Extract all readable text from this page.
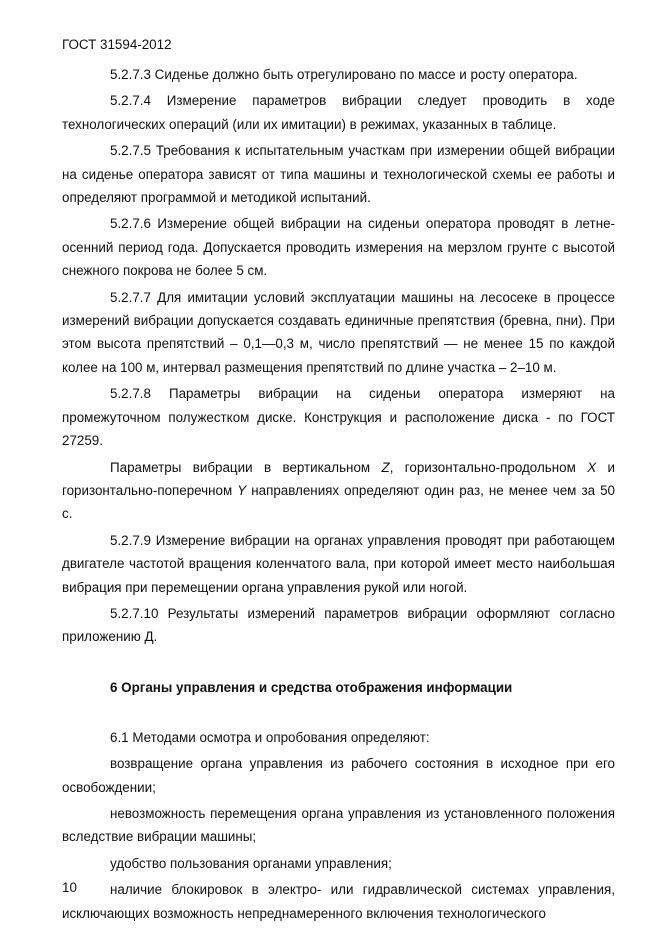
ГОСТ 31594-2012

5.2.7.3 Сиденье должно быть отрегулировано по массе и росту оператора.

5.2.7.4 Измерение параметров вибрации следует проводить в ходе технологических операций (или их имитации) в режимах, указанных в таблице.

5.2.7.5 Требования к испытательным участкам при измерении общей вибрации на сиденье оператора зависят от типа машины и технологической схемы ее работы и определяют программой и методикой испытаний.

5.2.7.6 Измерение общей вибрации на сиденьи оператора проводят в летне-осенний период года. Допускается проводить измерения на мерзлом грунте с высотой снежного покрова не более 5 см.

5.2.7.7 Для имитации условий эксплуатации машины на лесосеке в процессе измерений вибрации допускается создавать единичные препятствия (бревна, пни). При этом высота препятствий – 0,1—0,3 м, число препятствий — не менее 15 по каждой колее на 100 м, интервал размещения препятствий по длине участка – 2–10 м.

5.2.7.8 Параметры вибрации на сиденьи оператора измеряют на промежуточном полужестком диске. Конструкция и расположение диска - по ГОСТ 27259.

Параметры вибрации в вертикальном Z, горизонтально-продольном X и горизонтально-поперечном Y направлениях определяют один раз, не менее чем за 50 с.

5.2.7.9 Измерение вибрации на органах управления проводят при работающем двигателе частотой вращения коленчатого вала, при которой имеет место наибольшая вибрация при перемещении органа управления рукой или ногой.

5.2.7.10 Результаты измерений параметров вибрации оформляют согласно приложению Д.

6 Органы управления и средства отображения информации

6.1 Методами осмотра и опробования определяют:

возвращение органа управления из рабочего состояния в исходное при его освобождении;

невозможность перемещения органа управления из установленного положения вследствие вибрации машины;

удобство пользования органами управления;

наличие блокировок в электро- или гидравлической системах управления, исключающих возможность непреднамеренного включения технологического

10
